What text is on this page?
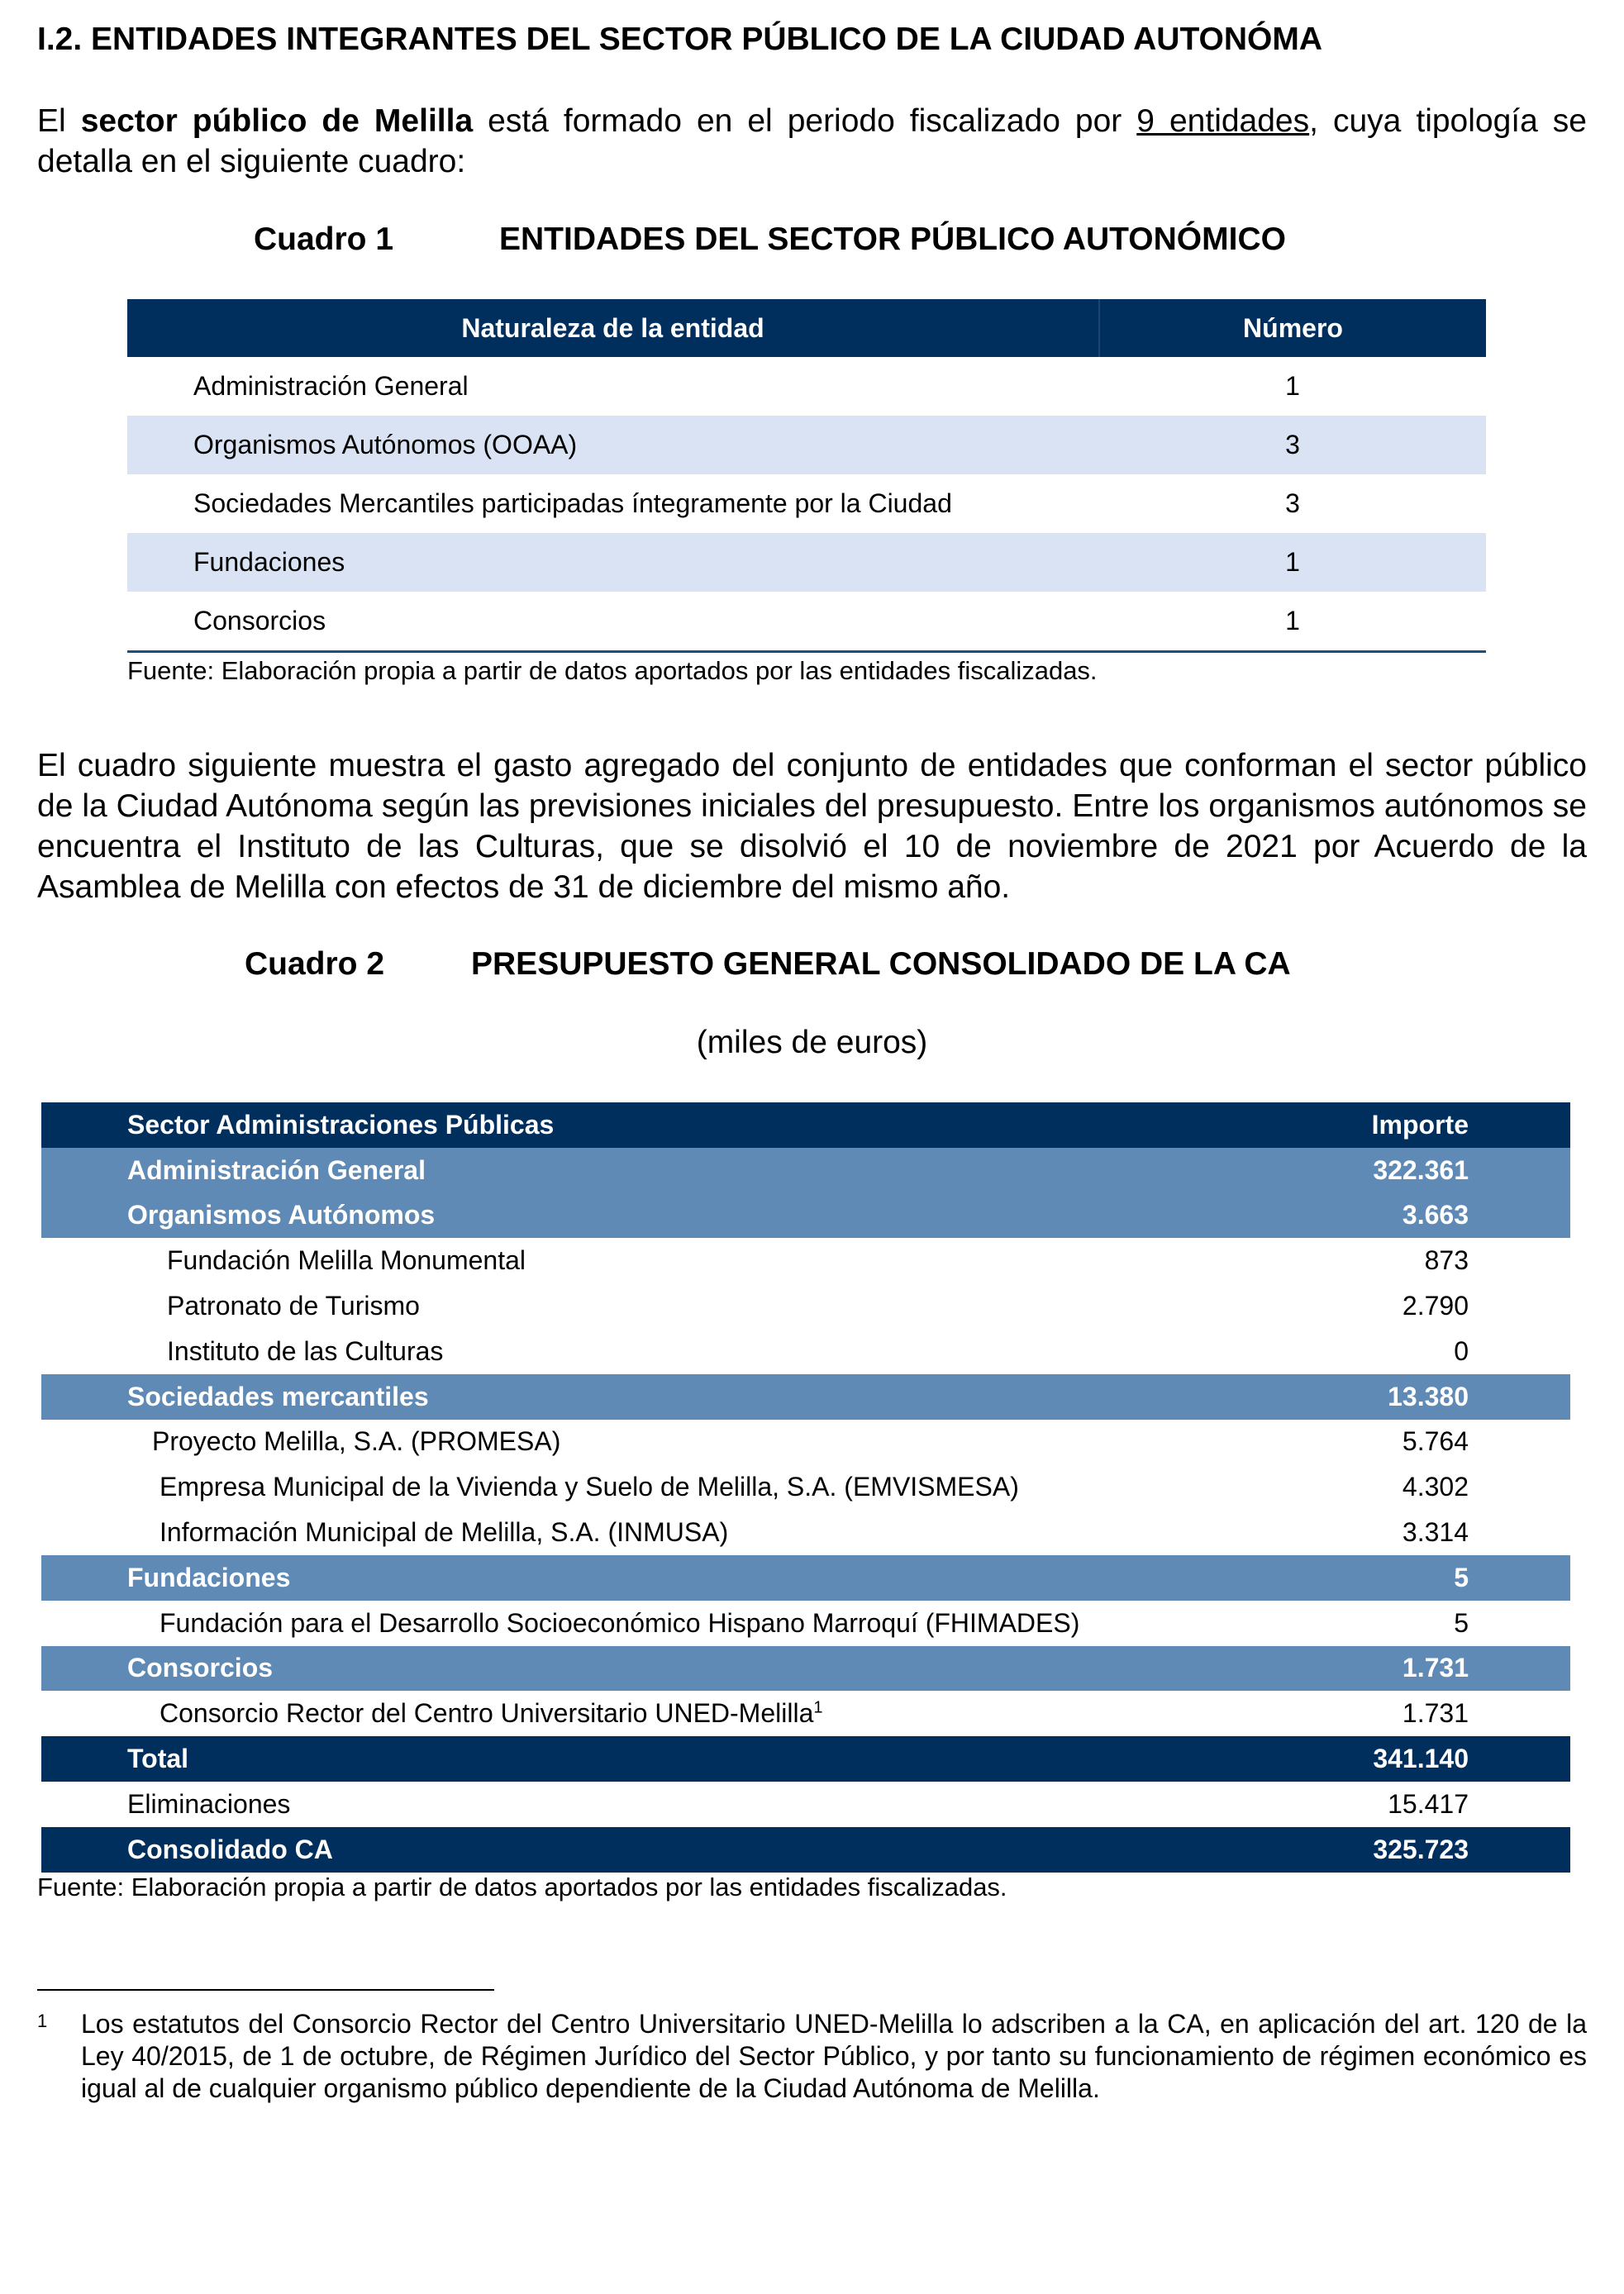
I.2. ENTIDADES INTEGRANTES DEL SECTOR PÚBLICO DE LA CIUDAD AUTONÓMA

El sector público de Melilla está formado en el periodo fiscalizado por 9 entidades, cuya tipología se detalla en el siguiente cuadro:

Cuadro 1	ENTIDADES DEL SECTOR PÚBLICO AUTONÓMICO
Naturaleza de la entidad	Número
Administración General	1
Organismos Autónomos (OOAA)	3
Sociedades Mercantiles participadas íntegramente por la Ciudad	3
Fundaciones	1
Consorcios	1
Fuente: Elaboración propia a partir de datos aportados por las entidades fiscalizadas.

El cuadro siguiente muestra el gasto agregado del conjunto de entidades que conforman el sector público de la Ciudad Autónoma según las previsiones iniciales del presupuesto. Entre los organismos autónomos se encuentra el Instituto de las Culturas, que se disolvió el 10 de noviembre de 2021 por Acuerdo de la Asamblea de Melilla con efectos de 31 de diciembre del mismo año.

Cuadro 2	PRESUPUESTO GENERAL CONSOLIDADO DE LA CA
(miles de euros)
Sector Administraciones Públicas	Importe
Administración General	322.361
Organismos Autónomos	3.663
Fundación Melilla Monumental	873
Patronato de Turismo	2.790
Instituto de las Culturas	0
Sociedades mercantiles	13.380
Proyecto Melilla, S.A. (PROMESA)	5.764
Empresa Municipal de la Vivienda y Suelo de Melilla, S.A. (EMVISMESA)	4.302
Información Municipal de Melilla, S.A. (INMUSA)	3.314
Fundaciones	5
Fundación para el Desarrollo Socioeconómico Hispano Marroquí (FHIMADES)	5
Consorcios	1.731
Consorcio Rector del Centro Universitario UNED-Melilla$^1$	1.731
Total	341.140
Eliminaciones	15.417
Consolidado CA	325.723
Fuente: Elaboración propia a partir de datos aportados por las entidades fiscalizadas.
1 Los estatutos del Consorcio Rector del Centro Universitario UNED-Melilla lo adscriben a la CA, en aplicación del art. 120 de la Ley 40/2015, de 1 de octubre, de Régimen Jurídico del Sector Público, y por tanto su funcionamiento de régimen económico es igual al de cualquier organismo público dependiente de la Ciudad Autónoma de Melilla.
